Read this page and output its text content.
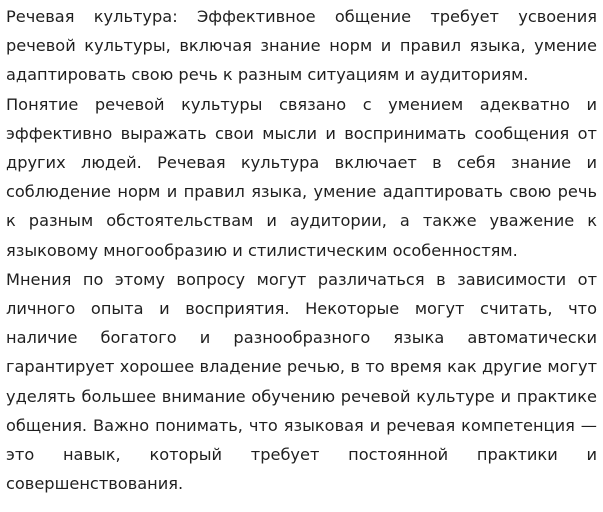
Речевая культура: Эффективное общение требует усвоения речевой культуры, включая знание норм и правил языка, умение адаптировать свою речь к разным ситуациям и аудиториям.

Понятие речевой культуры связано с умением адекватно и эффективно выражать свои мысли и воспринимать сообщения от других людей. Речевая культура включает в себя знание и соблюдение норм и правил языка, умение адаптировать свою речь к разным обстоятельствам и аудитории, а также уважение к языковому многообразию и стилистическим особенностям.

Мнения по этому вопросу могут различаться в зависимости от личного опыта и восприятия. Некоторые могут считать, что наличие богатого и разнообразного языка автоматически гарантирует хорошее владение речью, в то время как другие могут уделять большее внимание обучению речевой культуре и практике общения. Важно понимать, что языковая и речевая компетенция — это навык, который требует постоянной практики и совершенствования.
